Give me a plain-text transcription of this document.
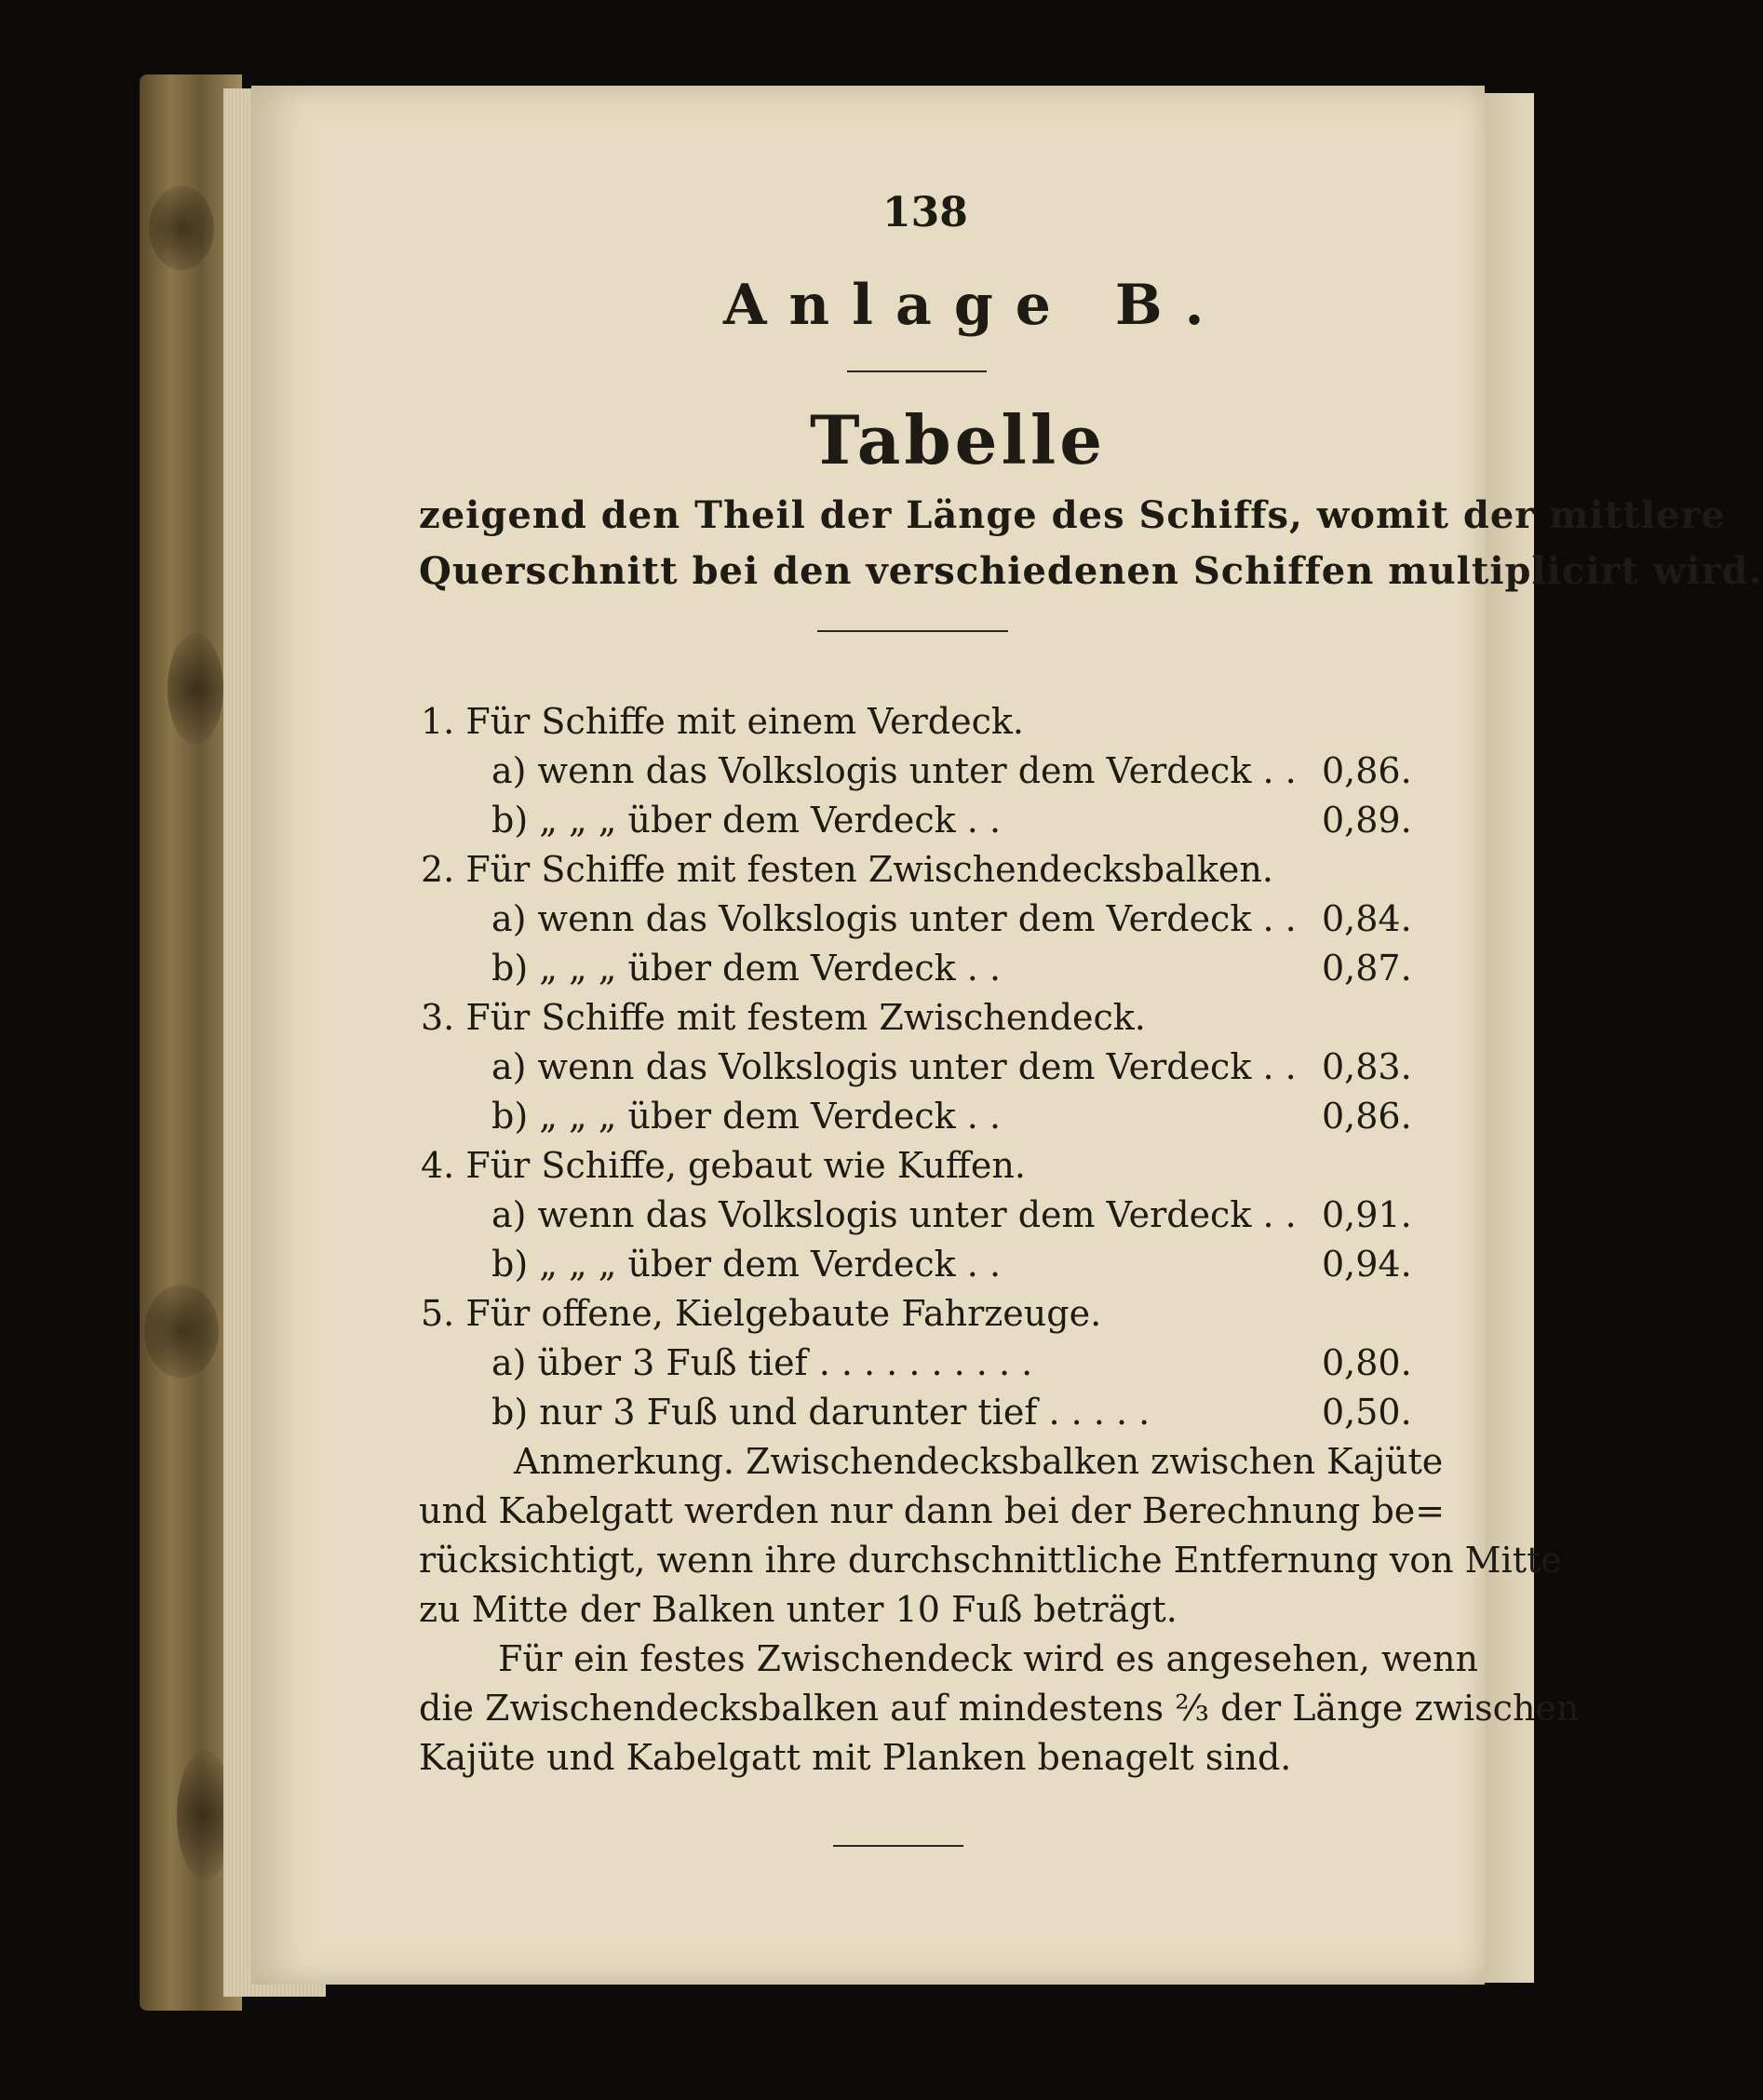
138
Anlage B.
Tabelle
zeigend den Theil der Länge des Schiffs, womit der mittlere
Querschnitt bei den verschiedenen Schiffen multiplicirt wird.
1. Für Schiffe mit einem Verdeck.
a) wenn das Volkslogis unter dem Verdeck . . 0,86.
b) „ „ „ über dem Verdeck . .	0,89.
2. Für Schiffe mit festen Zwischendecksbalken.
a) wenn das Volkslogis unter dem Verdeck . . 0,84.
b) „ „ „ über dem Verdeck . .	0,87.
3. Für Schiffe mit festem Zwischendeck.
a) wenn das Volkslogis unter dem Verdeck . . 0,83.
b) „ „ „ über dem Verdeck . .	0,86.
4. Für Schiffe, gebaut wie Kuffen.
a) wenn das Volkslogis unter dem Verdeck . . 0,91.
b) „ „ „ über dem Verdeck . .	0,94.
5. Für offene, Kielgebaute Fahrzeuge.
a) über 3 Fuß tief . . . . . . . . . .	0,80.
b) nur 3 Fuß und darunter tief . . . . .	0,50.
Anmerkung. Zwischendecksbalken zwischen Kajüte
und Kabelgatt werden nur dann bei der Berechnung be=
rücksichtigt, wenn ihre durchschnittliche Entfernung von Mitte
zu Mitte der Balken unter 10 Fuß beträgt.
Für ein festes Zwischendeck wird es angesehen, wenn
die Zwischendecksbalken auf mindestens ⅔ der Länge zwischen
Kajüte und Kabelgatt mit Planken benagelt sind.
